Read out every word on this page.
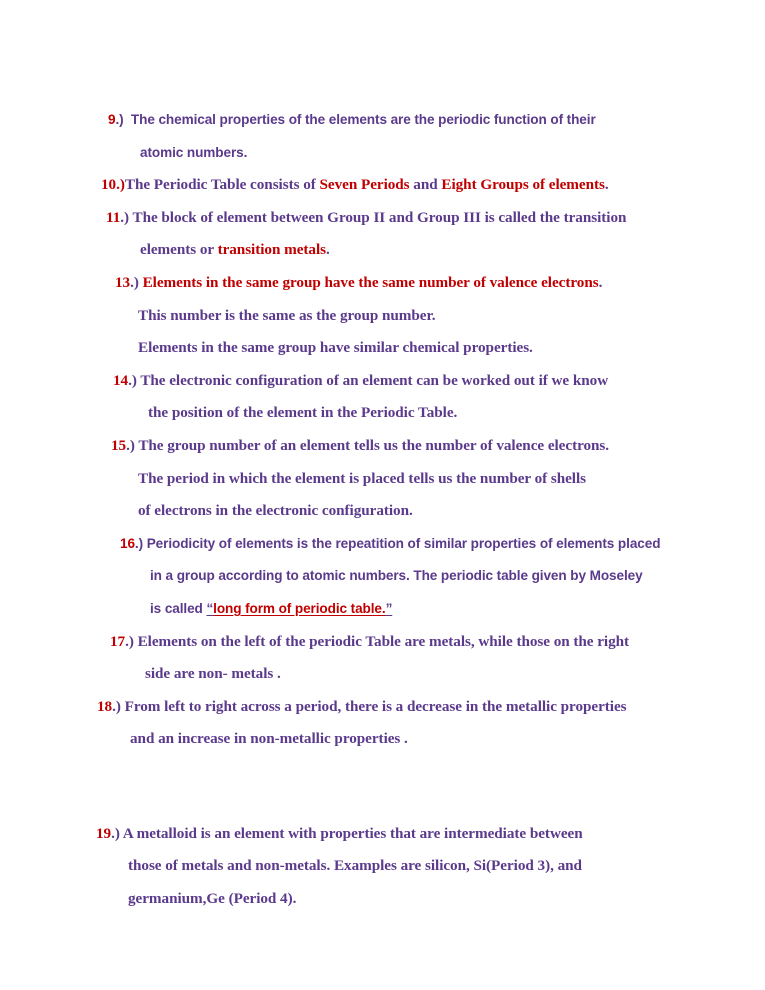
9.)  The chemical properties of the elements are the periodic function of their
atomic numbers.
10.)The Periodic Table consists of Seven Periods and Eight Groups of elements.
11.) The block of element between Group II and Group III is called the transition
elements or transition metals.
13.) Elements in the same group have the same number of valence electrons.
This number is the same as the group number.
Elements in the same group have similar chemical properties.
14.) The electronic configuration of an element can be worked out if we know
the position of the element in the Periodic Table.
15.) The group number of an element tells us the number of valence electrons.
The period in which the element is placed tells us the number of shells
of electrons in the electronic configuration.
16.) Periodicity of elements is the repeatition of similar properties of elements placed
in a group according to atomic numbers. The periodic table given by Moseley
is called “long form of periodic table.”
17.) Elements on the left of the periodic Table are metals, while those on the right
side are non- metals .
18.) From left to right across a period, there is a decrease in the metallic properties
and an increase in non-metallic properties .
19.) A metalloid is an element with properties that are intermediate between
those of metals and non-metals. Examples are silicon, Si(Period 3), and
germanium,Ge (Period 4).
